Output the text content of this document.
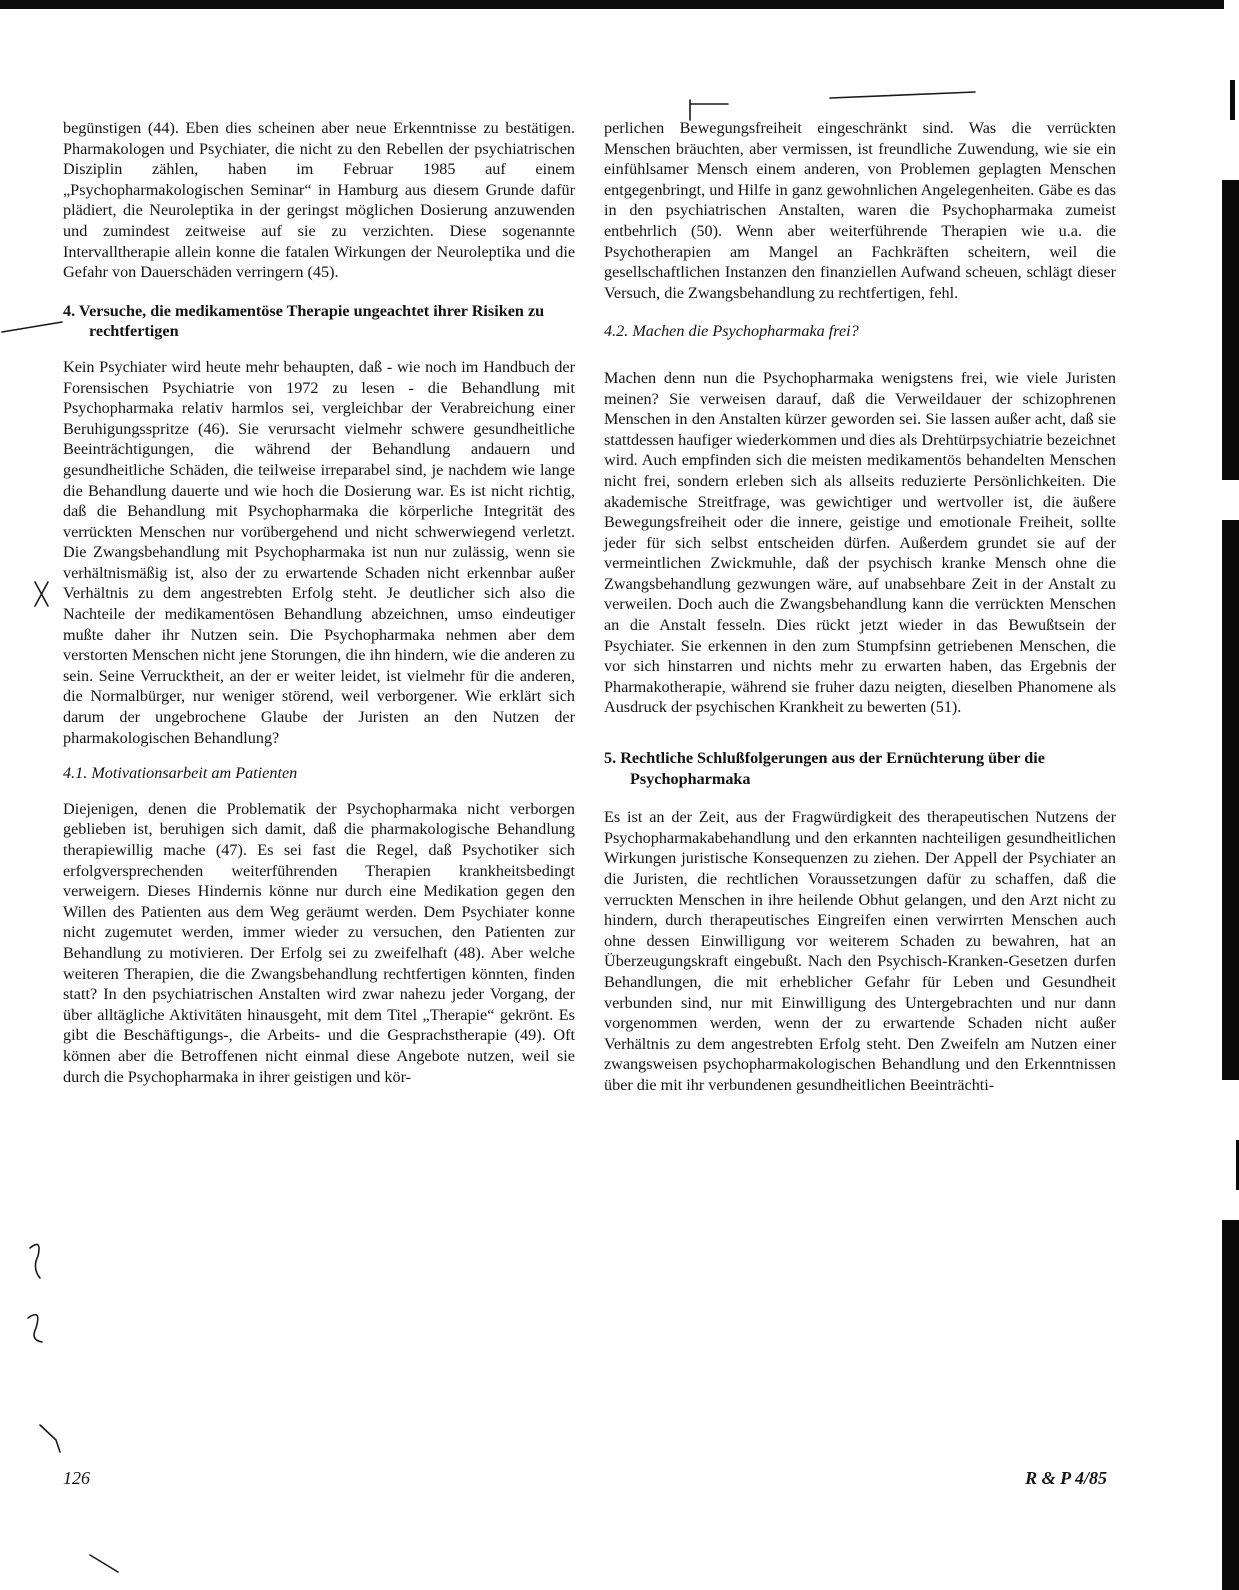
begünstigen (44). Eben dies scheinen aber neue Erkenntnisse zu bestätigen. Pharmakologen und Psychiater, die nicht zu den Rebellen der psychiatrischen Disziplin zählen, haben im Februar 1985 auf einem „Psychopharmakologischen Seminar“ in Hamburg aus diesem Grunde dafür plädiert, die Neuroleptika in der geringst möglichen Dosierung anzuwenden und zumindest zeitweise auf sie zu verzichten. Diese sogenannte Intervalltherapie allein konne die fatalen Wirkungen der Neuroleptika und die Gefahr von Dauerschäden verringern (45).

4. Versuche, die medikamentöse Therapie ungeachtet ihrer Risiken zu rechtfertigen

Kein Psychiater wird heute mehr behaupten, daß - wie noch im Handbuch der Forensischen Psychiatrie von 1972 zu lesen - die Behandlung mit Psychopharmaka relativ harmlos sei, vergleichbar der Verabreichung einer Beruhigungsspritze (46). Sie verursacht vielmehr schwere gesundheitliche Beeinträchtigungen, die während der Behandlung andauern und gesundheitliche Schäden, die teilweise irreparabel sind, je nachdem wie lange die Behandlung dauerte und wie hoch die Dosierung war. Es ist nicht richtig, daß die Behandlung mit Psychopharmaka die körperliche Integrität des verrückten Menschen nur vorübergehend und nicht schwerwiegend verletzt. Die Zwangsbehandlung mit Psychopharmaka ist nun nur zulässig, wenn sie verhältnismäßig ist, also der zu erwartende Schaden nicht erkennbar außer Verhältnis zu dem angestrebten Erfolg steht. Je deutlicher sich also die Nachteile der medikamentösen Behandlung abzeichnen, umso eindeutiger mußte daher ihr Nutzen sein. Die Psychopharmaka nehmen aber dem verstorten Menschen nicht jene Storungen, die ihn hindern, wie die anderen zu sein. Seine Verrucktheit, an der er weiter leidet, ist vielmehr für die anderen, die Normalbürger, nur weniger störend, weil verborgener. Wie erklärt sich darum der ungebrochene Glaube der Juristen an den Nutzen der pharmakologischen Behandlung?

4.1. Motivationsarbeit am Patienten

Diejenigen, denen die Problematik der Psychopharmaka nicht verborgen geblieben ist, beruhigen sich damit, daß die pharmakologische Behandlung therapiewillig mache (47). Es sei fast die Regel, daß Psychotiker sich erfolgversprechenden weiterführenden Therapien krankheitsbedingt verweigern. Dieses Hindernis könne nur durch eine Medikation gegen den Willen des Patienten aus dem Weg geräumt werden. Dem Psychiater konne nicht zugemutet werden, immer wieder zu versuchen, den Patienten zur Behandlung zu motivieren. Der Erfolg sei zu zweifelhaft (48). Aber welche weiteren Therapien, die die Zwangsbehandlung rechtfertigen könnten, finden statt? In den psychiatrischen Anstalten wird zwar nahezu jeder Vorgang, der über alltägliche Aktivitäten hinausgeht, mit dem Titel „Therapie“ gekrönt. Es gibt die Beschäftigungs-, die Arbeits- und die Gesprachstherapie (49). Oft können aber die Betroffenen nicht einmal diese Angebote nutzen, weil sie durch die Psychopharmaka in ihrer geistigen und kör-

perlichen Bewegungsfreiheit eingeschränkt sind. Was die verrückten Menschen bräuchten, aber vermissen, ist freundliche Zuwendung, wie sie ein einfühlsamer Mensch einem anderen, von Problemen geplagten Menschen entgegenbringt, und Hilfe in ganz gewohnlichen Angelegenheiten. Gäbe es das in den psychiatrischen Anstalten, waren die Psychopharmaka zumeist entbehrlich (50). Wenn aber weiterführende Therapien wie u.a. die Psychotherapien am Mangel an Fachkräften scheitern, weil die gesellschaftlichen Instanzen den finanziellen Aufwand scheuen, schlägt dieser Versuch, die Zwangsbehandlung zu rechtfertigen, fehl.

4.2. Machen die Psychopharmaka frei?

Machen denn nun die Psychopharmaka wenigstens frei, wie viele Juristen meinen? Sie verweisen darauf, daß die Verweildauer der schizophrenen Menschen in den Anstalten kürzer geworden sei. Sie lassen außer acht, daß sie stattdessen haufiger wiederkommen und dies als Drehtürpsychiatrie bezeichnet wird. Auch empfinden sich die meisten medikamentös behandelten Menschen nicht frei, sondern erleben sich als allseits reduzierte Persönlichkeiten. Die akademische Streitfrage, was gewichtiger und wertvoller ist, die äußere Bewegungsfreiheit oder die innere, geistige und emotionale Freiheit, sollte jeder für sich selbst entscheiden dürfen. Außerdem grundet sie auf der vermeintlichen Zwickmuhle, daß der psychisch kranke Mensch ohne die Zwangsbehandlung gezwungen wäre, auf unabsehbare Zeit in der Anstalt zu verweilen. Doch auch die Zwangsbehandlung kann die verrückten Menschen an die Anstalt fesseln. Dies rückt jetzt wieder in das Bewußtsein der Psychiater. Sie erkennen in den zum Stumpfsinn getriebenen Menschen, die vor sich hinstarren und nichts mehr zu erwarten haben, das Ergebnis der Pharmakotherapie, während sie fruher dazu neigten, dieselben Phanomene als Ausdruck der psychischen Krankheit zu bewerten (51).

5. Rechtliche Schlußfolgerungen aus der Ernüchterung über die Psychopharmaka

Es ist an der Zeit, aus der Fragwürdigkeit des therapeutischen Nutzens der Psychopharmakabehandlung und den erkannten nachteiligen gesundheitlichen Wirkungen juristische Konsequenzen zu ziehen. Der Appell der Psychiater an die Juristen, die rechtlichen Voraussetzungen dafür zu schaffen, daß die verruckten Menschen in ihre heilende Obhut gelangen, und den Arzt nicht zu hindern, durch therapeutisches Eingreifen einen verwirrten Menschen auch ohne dessen Einwilligung vor weiterem Schaden zu bewahren, hat an Überzeugungskraft eingebußt. Nach den Psychisch-Kranken-Gesetzen durfen Behandlungen, die mit erheblicher Gefahr für Leben und Gesundheit verbunden sind, nur mit Einwilligung des Untergebrachten und nur dann vorgenommen werden, wenn der zu erwartende Schaden nicht außer Verhältnis zu dem angestrebten Erfolg steht. Den Zweifeln am Nutzen einer zwangsweisen psychopharmakologischen Behandlung und den Erkenntnissen über die mit ihr verbundenen gesundheitlichen Beeinträchti-

126	R & P 4/85
